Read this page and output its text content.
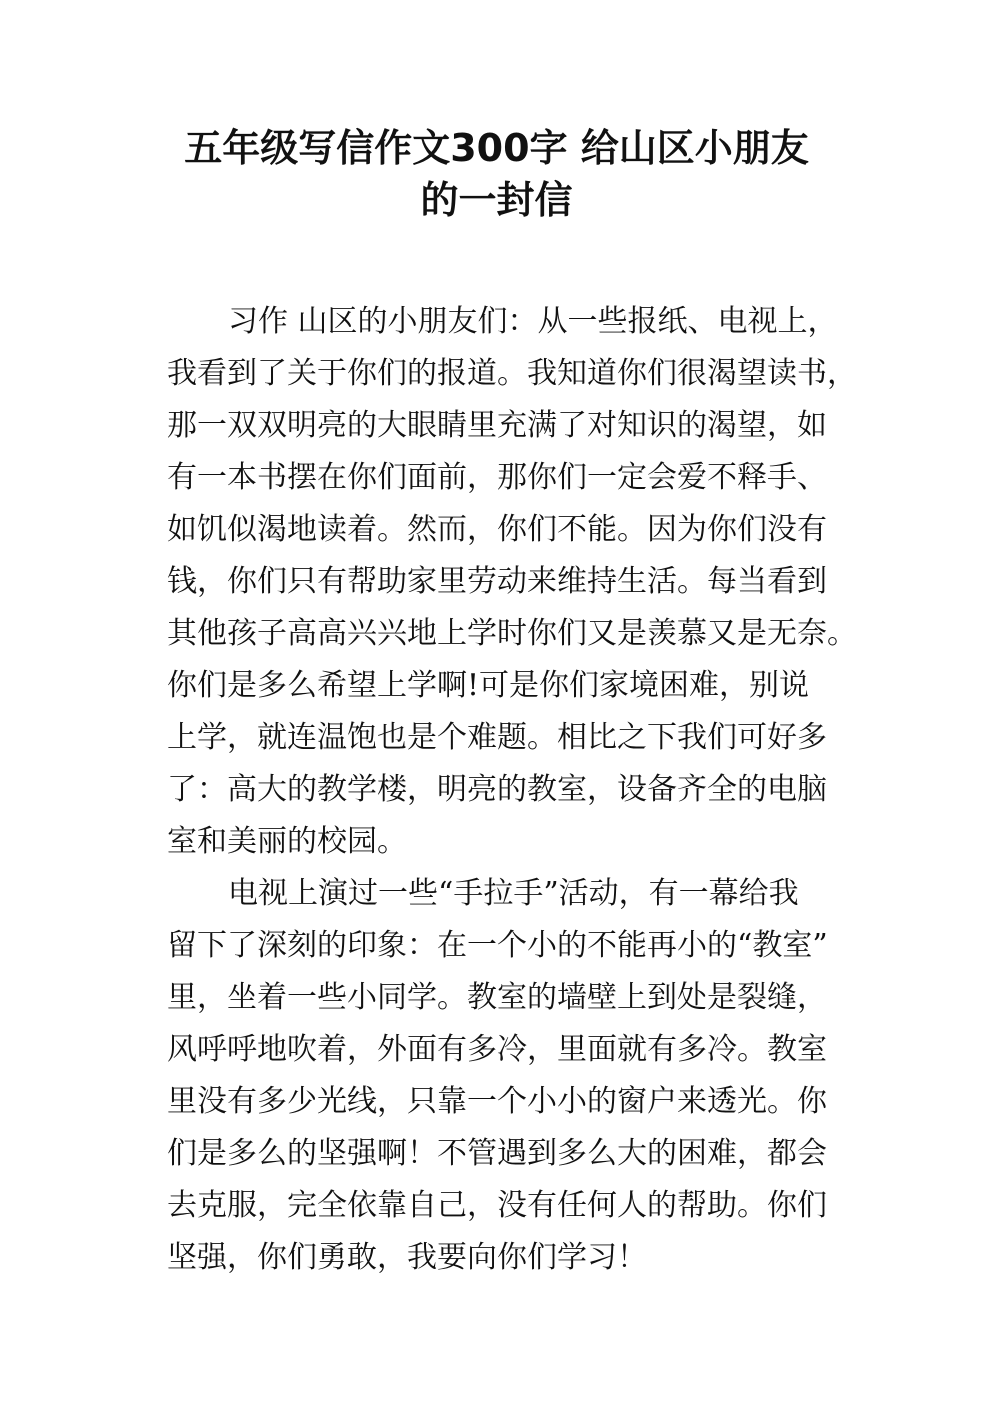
五年级写信作文300字 给山区小朋友
的一封信
习作 山区的小朋友们：从一些报纸、电视上，
我看到了关于你们的报道。我知道你们很渴望读书，
那一双双明亮的大眼睛里充满了对知识的渴望，如
有一本书摆在你们面前，那你们一定会爱不释手、
如饥似渴地读着。然而，你们不能。因为你们没有
钱，你们只有帮助家里劳动来维持生活。每当看到
其他孩子高高兴兴地上学时你们又是羡慕又是无奈。
你们是多么希望上学啊!可是你们家境困难，别说
上学，就连温饱也是个难题。相比之下我们可好多
了：高大的教学楼，明亮的教室，设备齐全的电脑
室和美丽的校园。
电视上演过一些“手拉手”活动，有一幕给我
留下了深刻的印象：在一个小的不能再小的“教室”
里，坐着一些小同学。教室的墙壁上到处是裂缝，
风呼呼地吹着，外面有多冷，里面就有多冷。教室
里没有多少光线，只靠一个小小的窗户来透光。你
们是多么的坚强啊！不管遇到多么大的困难，都会
去克服，完全依靠自己，没有任何人的帮助。你们
坚强，你们勇敢，我要向你们学习！
